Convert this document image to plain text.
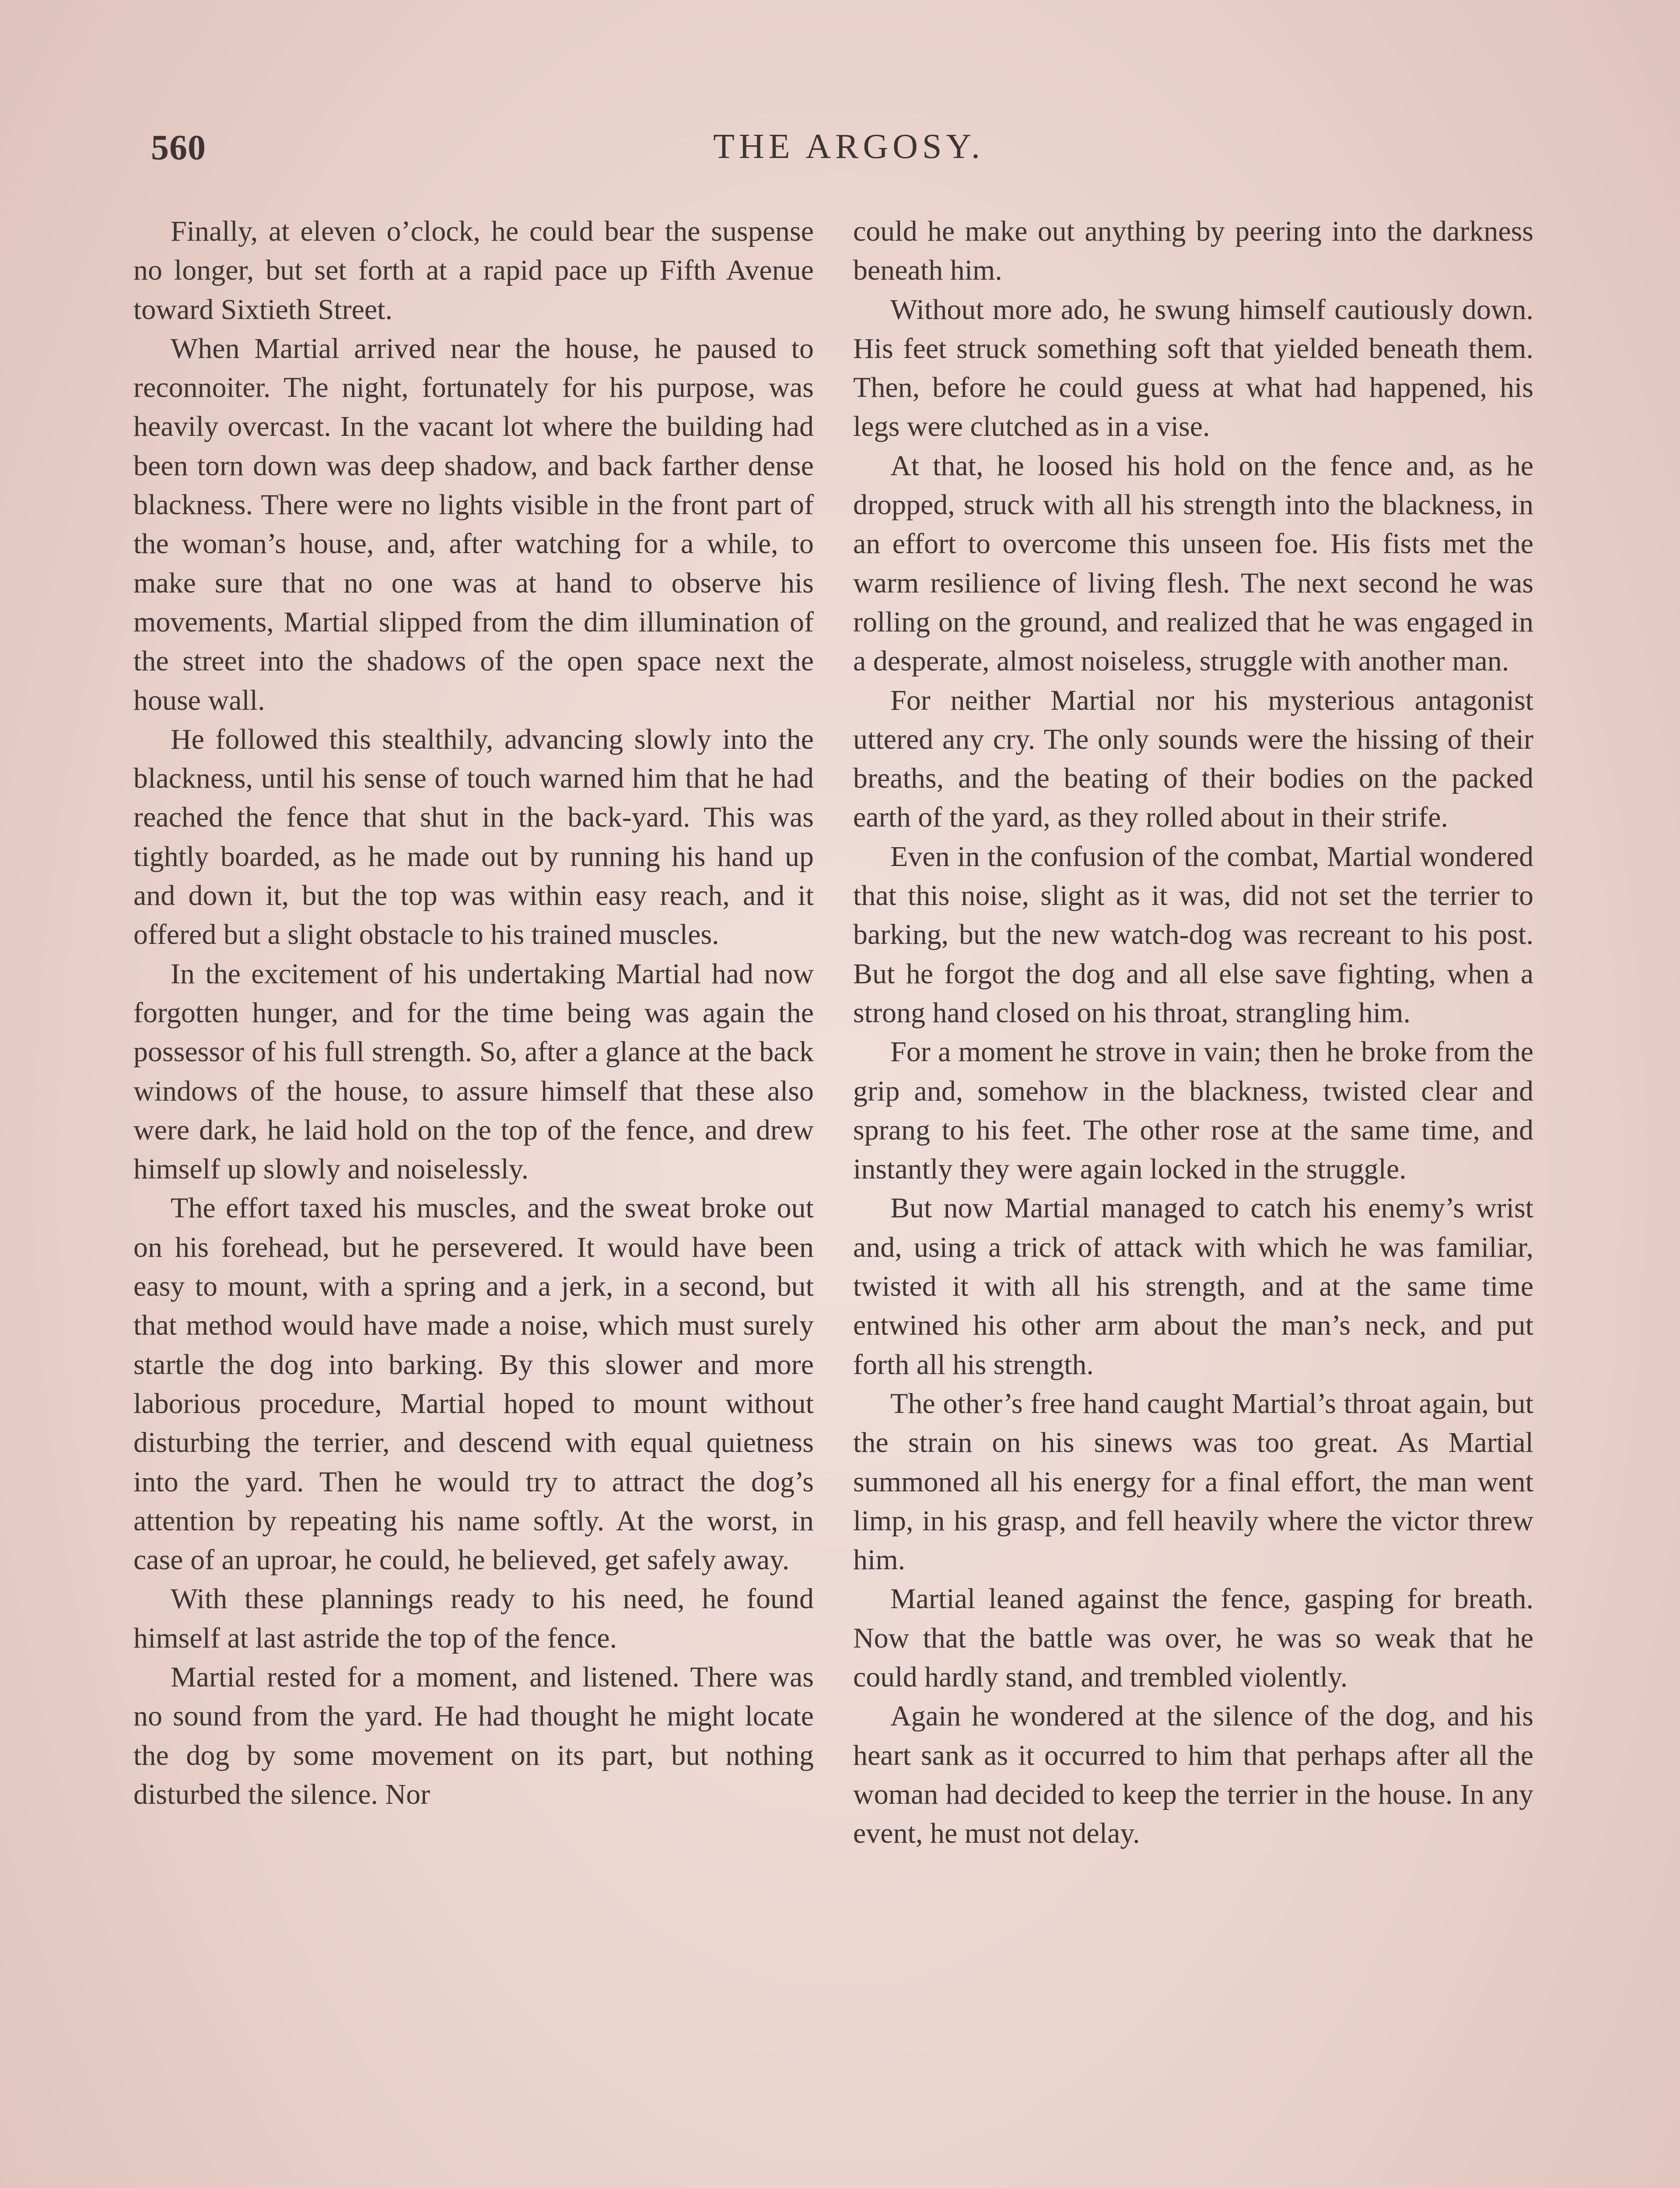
560	THE ARGOSY.

Finally, at eleven o’clock, he could bear the suspense no longer, but set forth at a rapid pace up Fifth Avenue toward Sixtieth Street.

When Martial arrived near the house, he paused to reconnoiter. The night, fortunately for his purpose, was heavily overcast. In the vacant lot where the building had been torn down was deep shadow, and back farther dense blackness. There were no lights visible in the front part of the woman’s house, and, after watching for a while, to make sure that no one was at hand to observe his movements, Martial slipped from the dim illumination of the street into the shadows of the open space next the house wall.

He followed this stealthily, advancing slowly into the blackness, until his sense of touch warned him that he had reached the fence that shut in the back-yard. This was tightly boarded, as he made out by running his hand up and down it, but the top was within easy reach, and it offered but a slight obstacle to his trained muscles.

In the excitement of his undertaking Martial had now forgotten hunger, and for the time being was again the possessor of his full strength. So, after a glance at the back windows of the house, to assure himself that these also were dark, he laid hold on the top of the fence, and drew himself up slowly and noiselessly.

The effort taxed his muscles, and the sweat broke out on his forehead, but he persevered. It would have been easy to mount, with a spring and a jerk, in a second, but that method would have made a noise, which must surely startle the dog into barking. By this slower and more laborious procedure, Martial hoped to mount without disturbing the terrier, and descend with equal quietness into the yard. Then he would try to attract the dog’s attention by repeating his name softly. At the worst, in case of an uproar, he could, he believed, get safely away.

With these plannings ready to his need, he found himself at last astride the top of the fence.

Martial rested for a moment, and listened. There was no sound from the yard. He had thought he might locate the dog by some movement on its part, but nothing disturbed the silence. Nor

could he make out anything by peering into the darkness beneath him.

Without more ado, he swung himself cautiously down. His feet struck something soft that yielded beneath them. Then, before he could guess at what had happened, his legs were clutched as in a vise.

At that, he loosed his hold on the fence and, as he dropped, struck with all his strength into the blackness, in an effort to overcome this unseen foe. His fists met the warm resilience of living flesh. The next second he was rolling on the ground, and realized that he was engaged in a desperate, almost noiseless, struggle with another man.

For neither Martial nor his mysterious antagonist uttered any cry. The only sounds were the hissing of their breaths, and the beating of their bodies on the packed earth of the yard, as they rolled about in their strife.

Even in the confusion of the combat, Martial wondered that this noise, slight as it was, did not set the terrier to barking, but the new watch-dog was recreant to his post. But he forgot the dog and all else save fighting, when a strong hand closed on his throat, strangling him.

For a moment he strove in vain; then he broke from the grip and, somehow in the blackness, twisted clear and sprang to his feet. The other rose at the same time, and instantly they were again locked in the struggle.

But now Martial managed to catch his enemy’s wrist and, using a trick of attack with which he was familiar, twisted it with all his strength, and at the same time entwined his other arm about the man’s neck, and put forth all his strength.

The other’s free hand caught Martial’s throat again, but the strain on his sinews was too great. As Martial summoned all his energy for a final effort, the man went limp, in his grasp, and fell heavily where the victor threw him.

Martial leaned against the fence, gasping for breath. Now that the battle was over, he was so weak that he could hardly stand, and trembled violently.

Again he wondered at the silence of the dog, and his heart sank as it occurred to him that perhaps after all the woman had decided to keep the terrier in the house. In any event, he must not delay.
